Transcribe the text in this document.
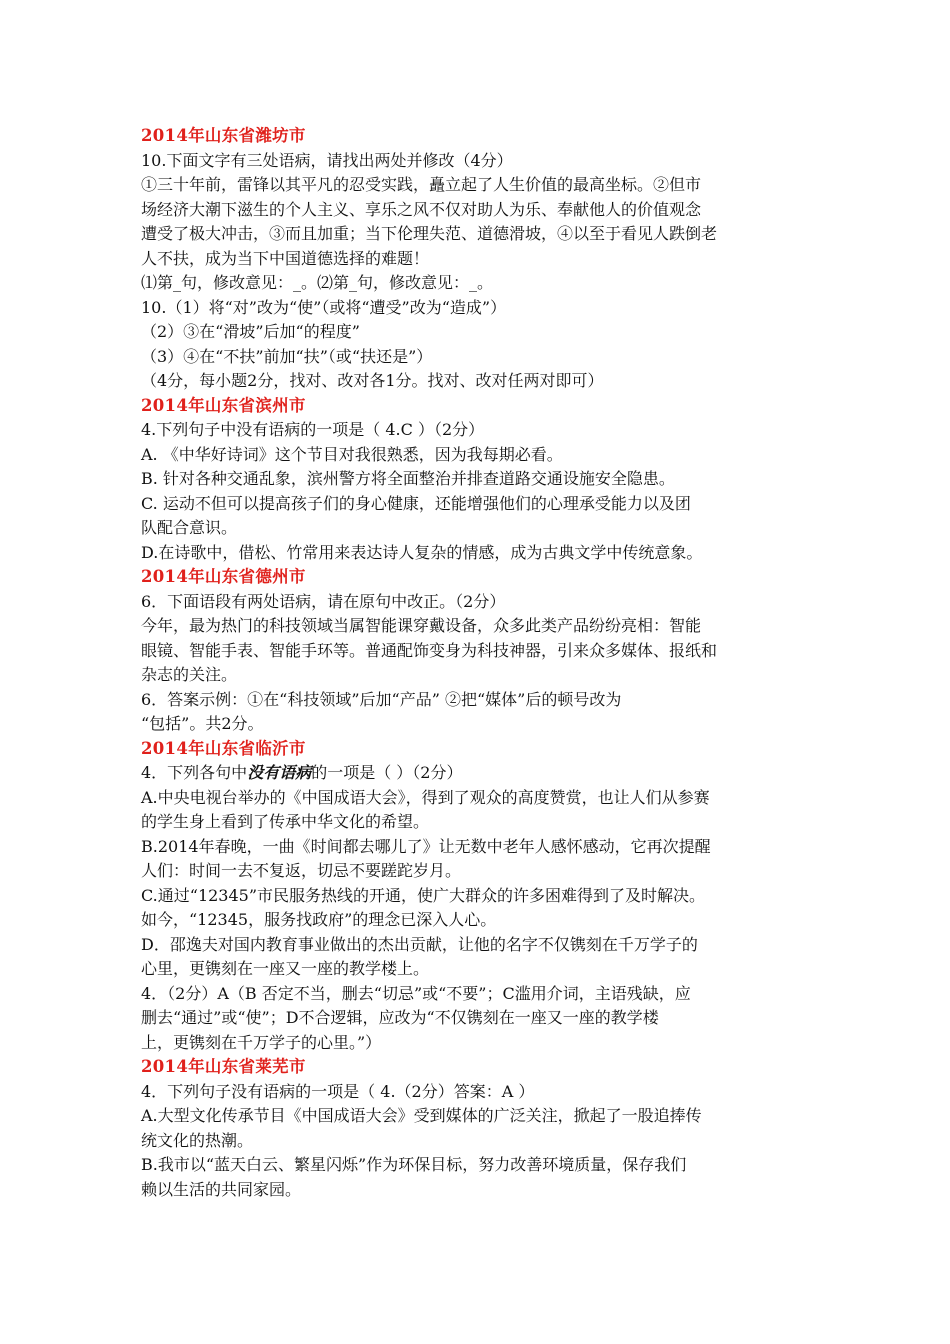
2014年山东省潍坊市
10.下面文字有三处语病，请找出两处并修改（4分）
①三十年前，雷锋以其平凡的忍受实践，矗立起了人生价值的最高坐标。②但市
场经济大潮下滋生的个人主义、享乐之风不仅对助人为乐、奉献他人的价值观念
遭受了极大冲击，③而且加重；当下伦理失范、道德滑坡，④以至于看见人跌倒老
人不扶，成为当下中国道德选择的难题！
⑴第_句，修改意见：_。⑵第_句，修改意见：_。
10.（1）将“对”改为“使”（或将“遭受”改为“造成”）
（2）③在“滑坡”后加“的程度”
（3）④在“不扶”前加“扶”（或“扶还是”）
（4分，每小题2分，找对、改对各1分。找对、改对任两对即可）
2014年山东省滨州市
4.下列句子中没有语病的一项是（ 4.C ）（2分）
A. 《中华好诗词》这个节目对我很熟悉，因为我每期必看。
B. 针对各种交通乱象，滨州警方将全面整治并排查道路交通设施安全隐患。
C. 运动不但可以提高孩子们的身心健康，还能增强他们的心理承受能力以及团
队配合意识。
D.在诗歌中，借松、竹常用来表达诗人复杂的情感，成为古典文学中传统意象。
2014年山东省德州市
6．下面语段有两处语病，请在原句中改正。（2分）
今年，最为热门的科技领域当属智能课穿戴设备，众多此类产品纷纷亮相：智能
眼镜、智能手表、智能手环等。普通配饰变身为科技神器，引来众多媒体、报纸和
杂志的关注。
6．答案示例：①在“科技领域”后加“产品” ②把“媒体”后的顿号改为
“包括”。共2分。
2014年山东省临沂市
4．下列各句中没有语病的一项是（ ）（2分）
A.中央电视台举办的《中国成语大会》，得到了观众的高度赞赏，也让人们从参赛
的学生身上看到了传承中华文化的希望。
B.2014年春晚，一曲《时间都去哪儿了》让无数中老年人感怀感动，它再次提醒
人们：时间一去不复返，切忌不要蹉跎岁月。
C.通过“12345”市民服务热线的开通，使广大群众的许多困难得到了及时解决。
如今，“12345，服务找政府”的理念已深入人心。
D．邵逸夫对国内教育事业做出的杰出贡献，让他的名字不仅镌刻在千万学子的
心里，更镌刻在一座又一座的教学楼上。
4．（2分）A（B 否定不当，删去“切忌”或“不要”；C滥用介词，主语残缺，应
删去“通过”或“使”；D不合逻辑，应改为“不仅镌刻在一座又一座的教学楼
上，更镌刻在千万学子的心里。”）
2014年山东省莱芜市
4．下列句子没有语病的一项是（ 4.（2分）答案：A ）
A.大型文化传承节目《中国成语大会》受到媒体的广泛关注，掀起了一股追捧传
统文化的热潮。
B.我市以“蓝天白云、繁星闪烁”作为环保目标，努力改善环境质量，保存我们
赖以生活的共同家园。
